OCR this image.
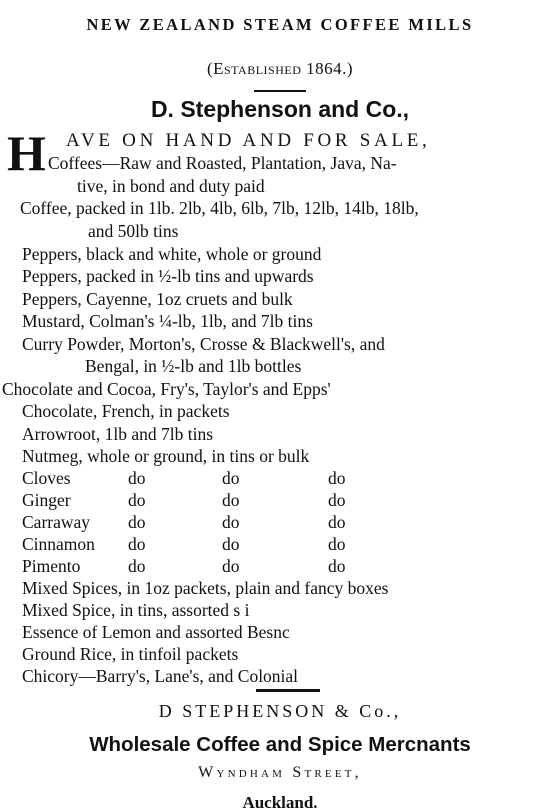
NEW ZEALAND STEAM COFFEE MILLS
(Established 1864.)
D. Stephenson and Co.,
H AVE ON HAND AND FOR SALE,
Coffees—Raw and Roasted, Plantation, Java, Na-
tive, in bond and duty paid
Coffee, packed in 1lb. 2lb, 4lb, 6lb, 7lb, 12lb, 14lb, 18lb,
and 50lb tins
Peppers, black and white, whole or ground
Peppers, packed in ½-lb tins and upwards
Peppers, Cayenne, 1oz cruets and bulk
Mustard, Colman's ¼-lb, 1lb, and 7lb tins
Curry Powder, Morton's, Crosse & Blackwell's, and
Bengal, in ½-lb and 1lb bottles
Chocolate and Cocoa, Fry's, Taylor's and Epps'
Chocolate, French, in packets
Arrowroot, 1lb and 7lb tins
Nutmeg, whole or ground, in tins or bulk
Cloves	do	do	do
Ginger	do	do	do
Carraway do	do	do
Cinnamon do	do	do
Pimento	do	do	do
Mixed Spices, in 1oz packets, plain and fancy boxes
Mixed Spice, in tins, assorted s i
Essence of Lemon and assorted Besnc
Ground Rice, in tinfoil packets
Chicory—Barry's, Lane's, and Colonial
D STEPHENSON & Co.,
Wholesale Coffee and Spice Mercnants
Wyndham Street,
Auckland.
